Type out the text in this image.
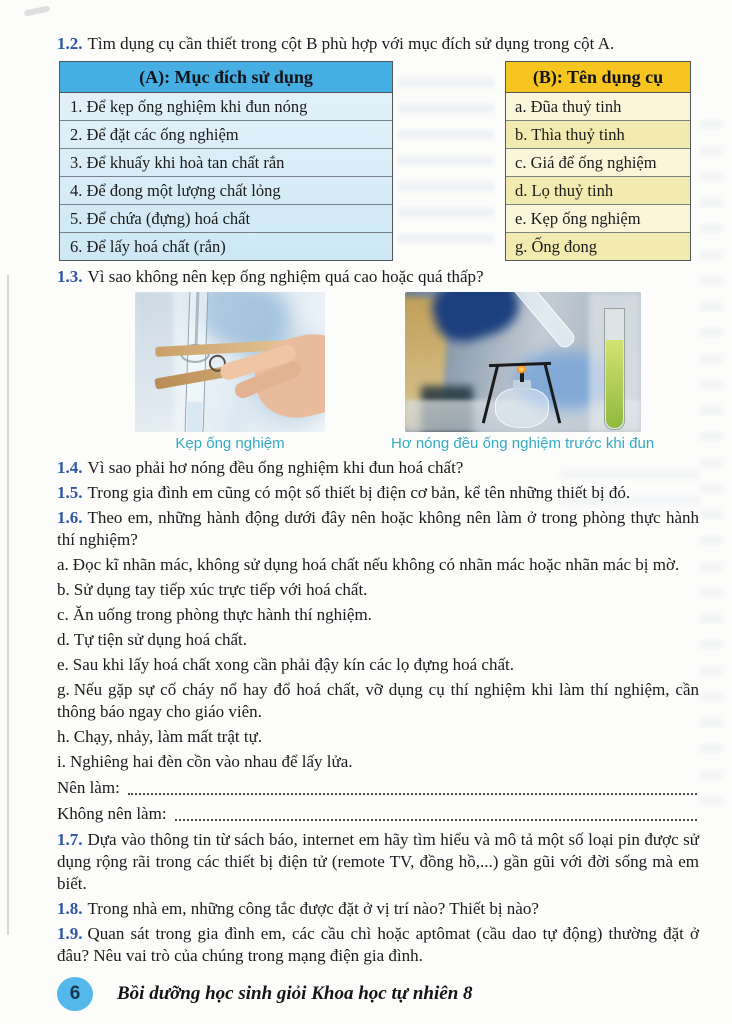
1.2. Tìm dụng cụ cần thiết trong cột B phù hợp với mục đích sử dụng trong cột A.

(A): Mục đích sử dụng
1. Để kẹp ống nghiệm khi đun nóng
2. Để đặt các ống nghiệm
3. Để khuấy khi hoà tan chất rắn
4. Để đong một lượng chất lỏng
5. Để chứa (đựng) hoá chất
6. Để lấy hoá chất (rắn)
(B): Tên dụng cụ
a. Đũa thuỷ tinh
b. Thìa thuỷ tinh
c. Giá để ống nghiệm
d. Lọ thuỷ tinh
e. Kẹp ống nghiệm
g. Ống đong

1.3. Vì sao không nên kẹp ống nghiệm quá cao hoặc quá thấp?

Kẹp ống nghiệm	Hơ nóng đều ống nghiệm trước khi đun

1.4. Vì sao phải hơ nóng đều ống nghiệm khi đun hoá chất?

1.5. Trong gia đình em cũng có một số thiết bị điện cơ bản, kể tên những thiết bị đó.

1.6. Theo em, những hành động dưới đây nên hoặc không nên làm ở trong phòng thực hành thí nghiệm?

a. Đọc kĩ nhãn mác, không sử dụng hoá chất nếu không có nhãn mác hoặc nhãn mác bị mờ.

b. Sử dụng tay tiếp xúc trực tiếp với hoá chất.

c. Ăn uống trong phòng thực hành thí nghiệm.

d. Tự tiện sử dụng hoá chất.

e. Sau khi lấy hoá chất xong cần phải đậy kín các lọ đựng hoá chất.

g. Nếu gặp sự cố cháy nổ hay đổ hoá chất, vỡ dụng cụ thí nghiệm khi làm thí nghiệm, cần thông báo ngay cho giáo viên.

h. Chạy, nhảy, làm mất trật tự.

i. Nghiêng hai đèn cồn vào nhau để lấy lửa.

Nên làm:
Không nên làm:

1.7. Dựa vào thông tin từ sách báo, internet em hãy tìm hiểu và mô tả một số loại pin được sử dụng rộng rãi trong các thiết bị điện tử (remote TV, đồng hồ,...) gần gũi với đời sống mà em biết.

1.8. Trong nhà em, những công tắc được đặt ở vị trí nào? Thiết bị nào?

1.9. Quan sát trong gia đình em, các cầu chì hoặc aptômat (cầu dao tự động) thường đặt ở đâu? Nêu vai trò của chúng trong mạng điện gia đình.

6	Bồi dưỡng học sinh giỏi Khoa học tự nhiên 8
